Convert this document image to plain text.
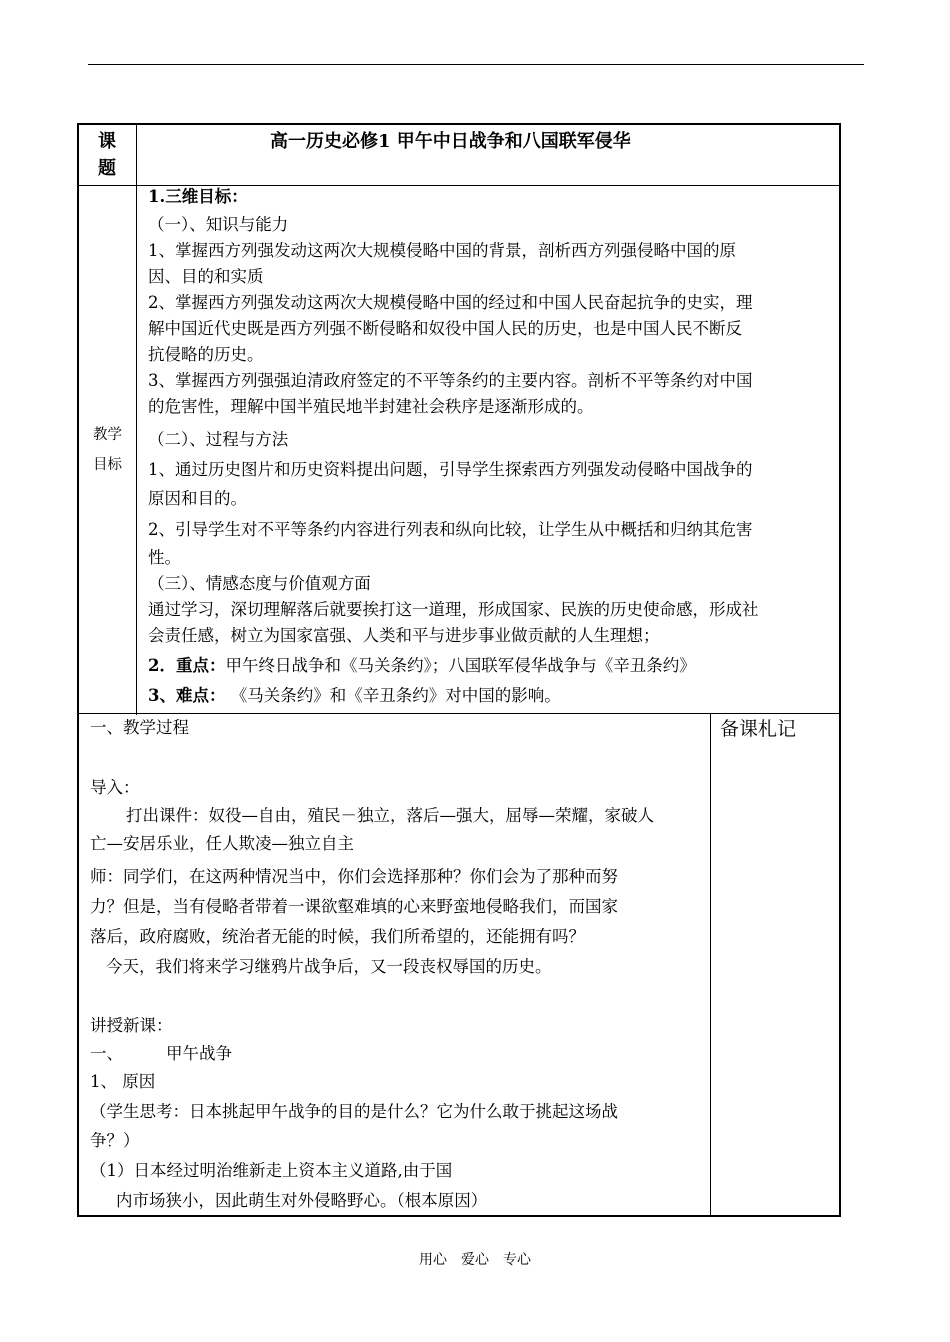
课
题
高一历史必修1 甲午中日战争和八国联军侵华
教学
目标
1.三维目标：
（一）、知识与能力
1、掌握西方列强发动这两次大规模侵略中国的背景，剖析西方列强侵略中国的原
因、目的和实质
2、掌握西方列强发动这两次大规模侵略中国的经过和中国人民奋起抗争的史实，理
解中国近代史既是西方列强不断侵略和奴役中国人民的历史，也是中国人民不断反
抗侵略的历史。
3、掌握西方列强强迫清政府签定的不平等条约的主要内容。剖析不平等条约对中国
的危害性，理解中国半殖民地半封建社会秩序是逐渐形成的。
（二）、过程与方法
1、通过历史图片和历史资料提出问题，引导学生探索西方列强发动侵略中国战争的
原因和目的。
2、引导学生对不平等条约内容进行列表和纵向比较，让学生从中概括和归纳其危害
性。
（三）、情感态度与价值观方面
通过学习，深切理解落后就要挨打这一道理，形成国家、民族的历史使命感，形成社
会责任感，树立为国家富强、人类和平与进步事业做贡献的人生理想；
2．重点：甲午终日战争和《马关条约》；八国联军侵华战争与《辛丑条约》
3、难点： 《马关条约》和《辛丑条约》对中国的影响。
备课札记
一、教学过程
导入：
打出课件：奴役—自由，殖民－独立，落后—强大，屈辱—荣耀，家破人
亡—安居乐业，任人欺凌—独立自主
师：同学们，在这两种情况当中，你们会选择那种？你们会为了那种而努
力？但是，当有侵略者带着一课欲壑难填的心来野蛮地侵略我们，而国家
落后，政府腐败，统治者无能的时候，我们所希望的，还能拥有吗？
今天，我们将来学习继鸦片战争后，又一段丧权辱国的历史。
讲授新课：
一、	甲午战争
1、 原因
（学生思考：日本挑起甲午战争的目的是什么？它为什么敢于挑起这场战
争？）
（1）日本经过明治维新走上资本主义道路,由于国
内市场狭小，因此萌生对外侵略野心。（根本原因）
用心　爱心　专心
